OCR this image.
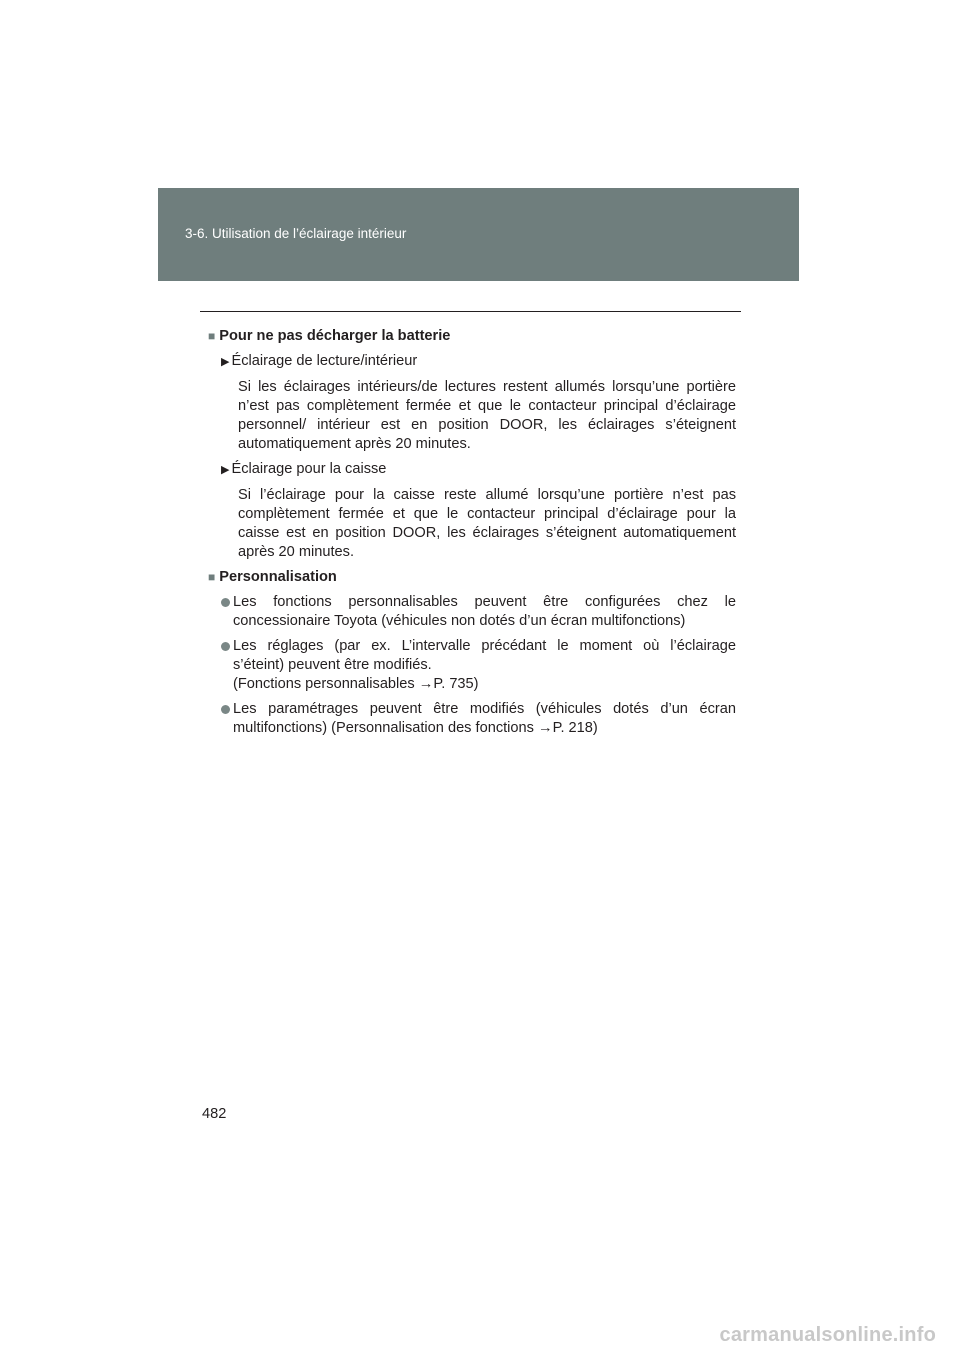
3-6. Utilisation de l’éclairage intérieur
■ Pour ne pas décharger la batterie
▶ Éclairage de lecture/intérieur
Si les éclairages intérieurs/de lectures restent allumés lorsqu’une portière
n’est pas complètement fermée et que le contacteur principal d’éclairage
personnel/ intérieur est en position DOOR, les éclairages s’éteignent
automatiquement après 20 minutes.
▶ Éclairage pour la caisse
Si l’éclairage pour la caisse reste allumé lorsqu’une portière n’est pas
complètement fermée et que le contacteur principal d’éclairage pour la
caisse est en position DOOR, les éclairages s’éteignent automatiquement
après 20 minutes.
■ Personnalisation
Les fonctions personnalisables peuvent être configurées chez le
concessionaire Toyota (véhicules non dotés d’un écran multifonctions)
Les réglages (par ex. L’intervalle précédant le moment où l’éclairage
s’éteint) peuvent être modifiés.
(Fonctions personnalisables →P. 735)
Les paramétrages peuvent être modifiés (véhicules dotés d’un écran
multifonctions) (Personnalisation des fonctions →P. 218)
482
carmanualsonline.info
